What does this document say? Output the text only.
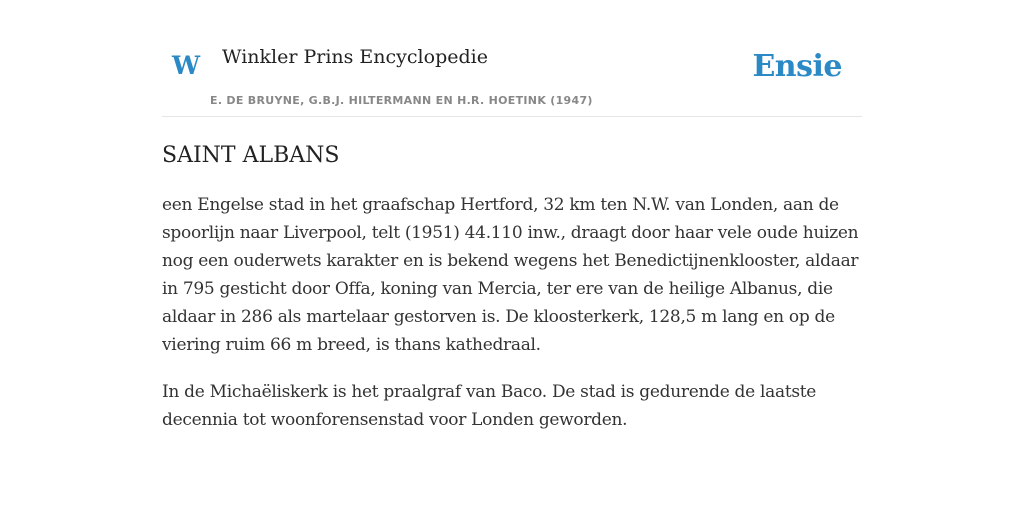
W Winkler Prins Encyclopedie
E. DE BRUYNE, G.B.J. HILTERMANN EN H.R. HOETINK (1947)
Ensie
SAINT ALBANS

een Engelse stad in het graafschap Hertford, 32 km ten N.W. van Londen, aan de spoorlijn naar Liverpool, telt (1951) 44.110 inw., draagt door haar vele oude huizen nog een ouderwets karakter en is bekend wegens het Benedictijnenklooster, aldaar in 795 gesticht door Offa, koning van Mercia, ter ere van de heilige Albanus, die aldaar in 286 als martelaar gestorven is. De kloosterkerk, 128,5 m lang en op de viering ruim 66 m breed, is thans kathedraal.

In de Michaëliskerk is het praalgraf van Baco. De stad is gedurende de laatste decennia tot woonforensenstad voor Londen geworden.
